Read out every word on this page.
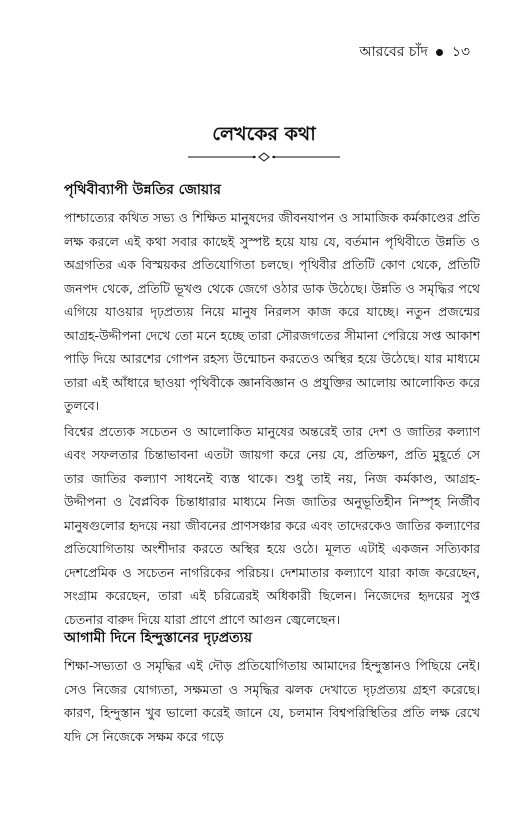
আরবের চাঁদ ১৩
লেখকের কথা
পৃথিবীব্যাপী উন্নতির জোয়ার

পাশ্চাত্যের কথিত সভ্য ও শিক্ষিত মানুষদের জীবনযাপন ও সামাজিক কর্মকাণ্ডের প্রতি লক্ষ করলে এই কথা সবার কাছেই সুস্পষ্ট হয়ে যায় যে, বর্তমান পৃথিবীতে উন্নতি ও অগ্রগতির এক বিস্ময়কর প্রতিযোগিতা চলছে। পৃথিবীর প্রতিটি কোণ থেকে, প্রতিটি জনপদ থেকে, প্রতিটি ভূখণ্ড থেকে জেগে ওঠার ডাক উঠেছে। উন্নতি ও সমৃদ্ধির পথে এগিয়ে যাওয়ার দৃঢ়প্রত্যয় নিয়ে মানুষ নিরলস কাজ করে যাচ্ছে। নতুন প্রজন্মের আগ্রহ-উদ্দীপনা দেখে তো মনে হচ্ছে তারা সৌরজগতের সীমানা পেরিয়ে সপ্ত আকাশ পাড়ি দিয়ে আরশের গোপন রহস্য উন্মোচন করতেও অস্থির হয়ে উঠেছে। যার মাধ্যমে তারা এই আঁধারে ছাওয়া পৃথিবীকে জ্ঞানবিজ্ঞান ও প্রযুক্তির আলোয় আলোকিত করে তুলবে।

বিশ্বের প্রত্যেক সচেতন ও আলোকিত মানুষের অন্তরেই তার দেশ ও জাতির কল্যাণ এবং সফলতার চিন্তাভাবনা এতটা জায়গা করে নেয় যে, প্রতিক্ষণ, প্রতি মুহূর্তে সে তার জাতির কল্যাণ সাধনেই ব্যস্ত থাকে। শুধু তাই নয়, নিজ কর্মকাণ্ড, আগ্রহ-উদ্দীপনা ও বৈপ্লবিক চিন্তাধারার মাধ্যমে নিজ জাতির অনুভূতিহীন নিস্পৃহ নির্জীব মানুষগুলোর হৃদয়ে নয়া জীবনের প্রাণসঞ্চার করে এবং তাদেরকেও জাতির কল্যাণের প্রতিযোগিতায় অংশীদার করতে অস্থির হয়ে ওঠে। মূলত এটাই একজন সত্যিকার দেশপ্রেমিক ও সচেতন নাগরিকের পরিচয়। দেশমাতার কল্যাণে যারা কাজ করেছেন, সংগ্রাম করেছেন, তারা এই চরিত্রেরই অধিকারী ছিলেন। নিজেদের হৃদয়ের সুপ্ত চেতনার বারুদ দিয়ে যারা প্রাণে প্রাণে আগুন জ্বেলেছেন।

আগামী দিনে হিন্দুস্তানের দৃঢ়প্রত্যয়

শিক্ষা-সভ্যতা ও সমৃদ্ধির এই দৌড় প্রতিযোগিতায় আমাদের হিন্দুস্তানও পিছিয়ে নেই। সেও নিজের যোগ্যতা, সক্ষমতা ও সমৃদ্ধির ঝলক দেখাতে দৃঢ়প্রত্যয় গ্রহণ করেছে। কারণ, হিন্দুস্তান খুব ভালো করেই জানে যে, চলমান বিশ্বপরিস্থিতির প্রতি লক্ষ রেখে যদি সে নিজেকে সক্ষম করে গড়ে
